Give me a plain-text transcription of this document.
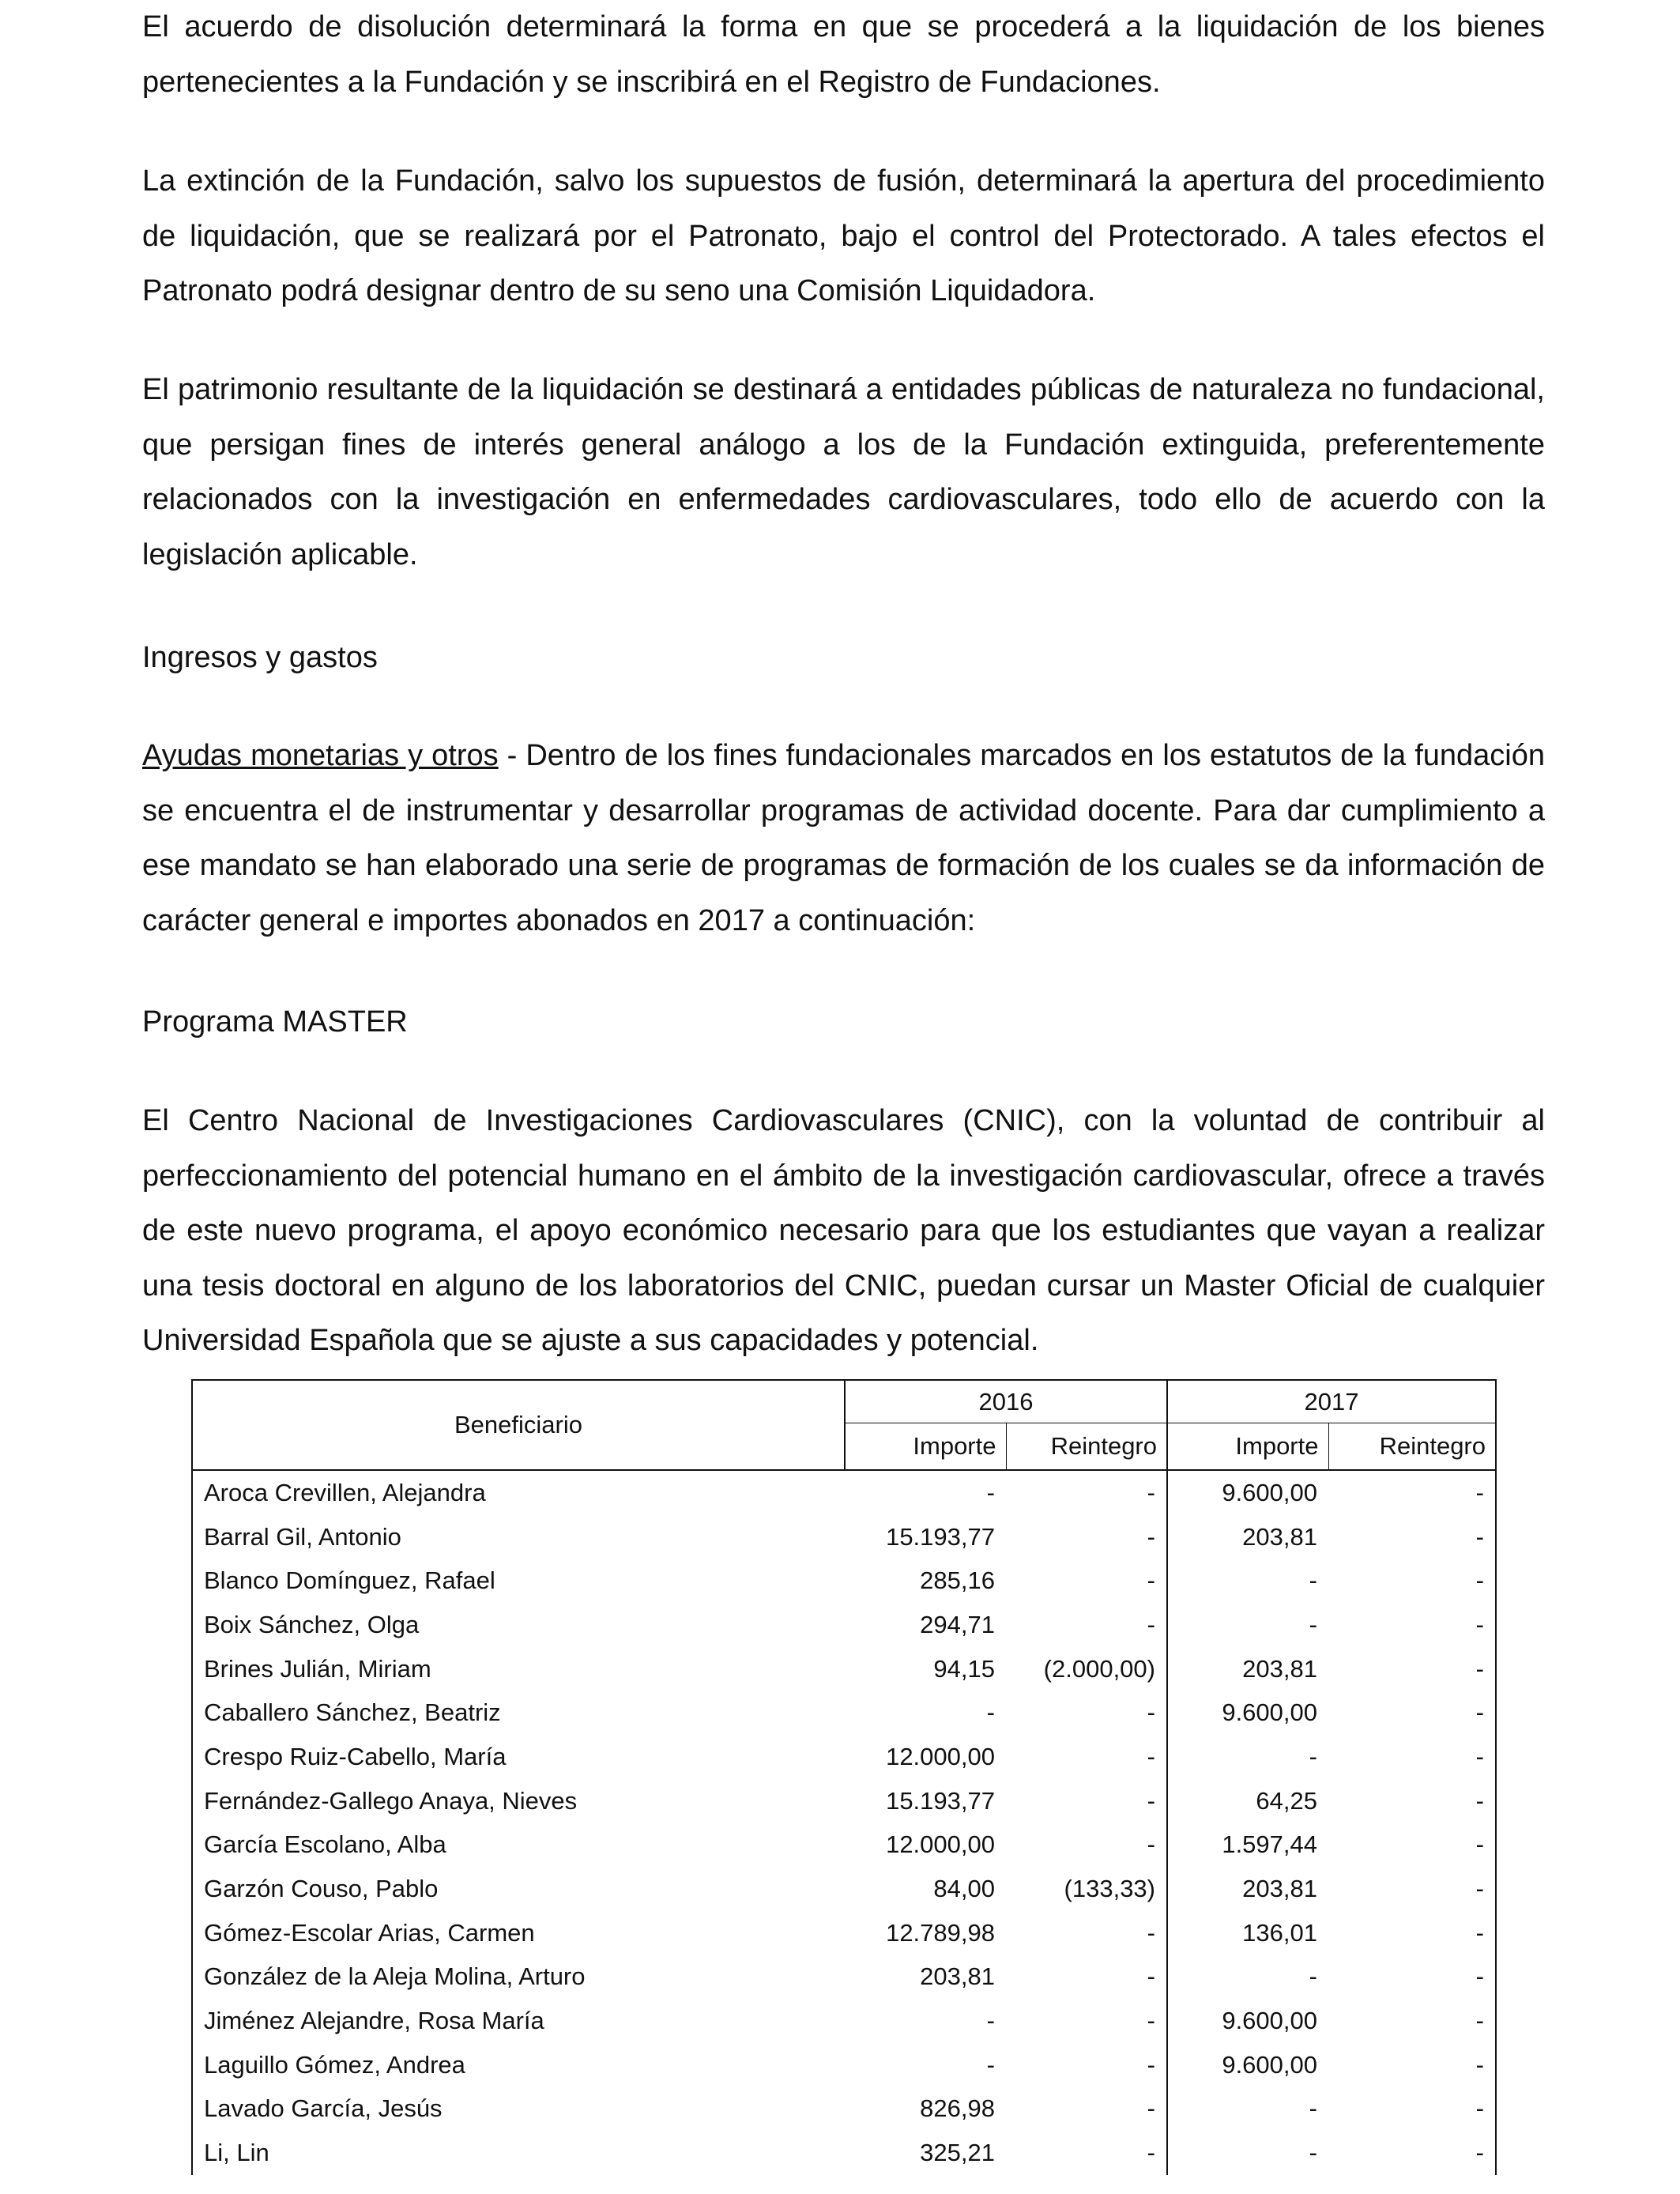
El acuerdo de disolución determinará la forma en que se procederá a la liquidación de los bienes pertenecientes a la Fundación y se inscribirá en el Registro de Fundaciones.

La extinción de la Fundación, salvo los supuestos de fusión, determinará la apertura del procedimiento de liquidación, que se realizará por el Patronato, bajo el control del Protectorado. A tales efectos el Patronato podrá designar dentro de su seno una Comisión Liquidadora.

El patrimonio resultante de la liquidación se destinará a entidades públicas de naturaleza no fundacional, que persigan fines de interés general análogo a los de la Fundación extinguida, preferentemente relacionados con la investigación en enfermedades cardiovasculares, todo ello de acuerdo con la legislación aplicable.

Ingresos y gastos

Ayudas monetarias y otros - Dentro de los fines fundacionales marcados en los estatutos de la fundación se encuentra el de instrumentar y desarrollar programas de actividad docente. Para dar cumplimiento a ese mandato se han elaborado una serie de programas de formación de los cuales se da información de carácter general e importes abonados en 2017 a continuación:

Programa MASTER

El Centro Nacional de Investigaciones Cardiovasculares (CNIC), con la voluntad de contribuir al perfeccionamiento del potencial humano en el ámbito de la investigación cardiovascular, ofrece a través de este nuevo programa, el apoyo económico necesario para que los estudiantes que vayan a realizar una tesis doctoral en alguno de los laboratorios del CNIC, puedan cursar un Master Oficial de cualquier Universidad Española que se ajuste a sus capacidades y potencial.

Beneficiario	2016		2017	
	Importe	Reintegro	Importe	Reintegro
Aroca Crevillen, Alejandra	-	-	9.600,00	-
Barral Gil, Antonio	15.193,77	-	203,81	-
Blanco Domínguez, Rafael	285,16	-	-	-
Boix Sánchez, Olga	294,71	-	-	-
Brines Julián, Miriam	94,15	(2.000,00)	203,81	-
Caballero Sánchez, Beatriz	-	-	9.600,00	-
Crespo Ruiz-Cabello, María	12.000,00	-	-	-
Fernández-Gallego Anaya, Nieves	15.193,77	-	64,25	-
García Escolano, Alba	12.000,00	-	1.597,44	-
Garzón Couso, Pablo	84,00	(133,33)	203,81	-
Gómez-Escolar Arias, Carmen	12.789,98	-	136,01	-
González de la Aleja Molina, Arturo	203,81	-	-	-
Jiménez Alejandre, Rosa María	-	-	9.600,00	-
Laguillo Gómez, Andrea	-	-	9.600,00	-
Lavado García, Jesús	826,98	-	-	-
Li, Lin	325,21	-	-	-
